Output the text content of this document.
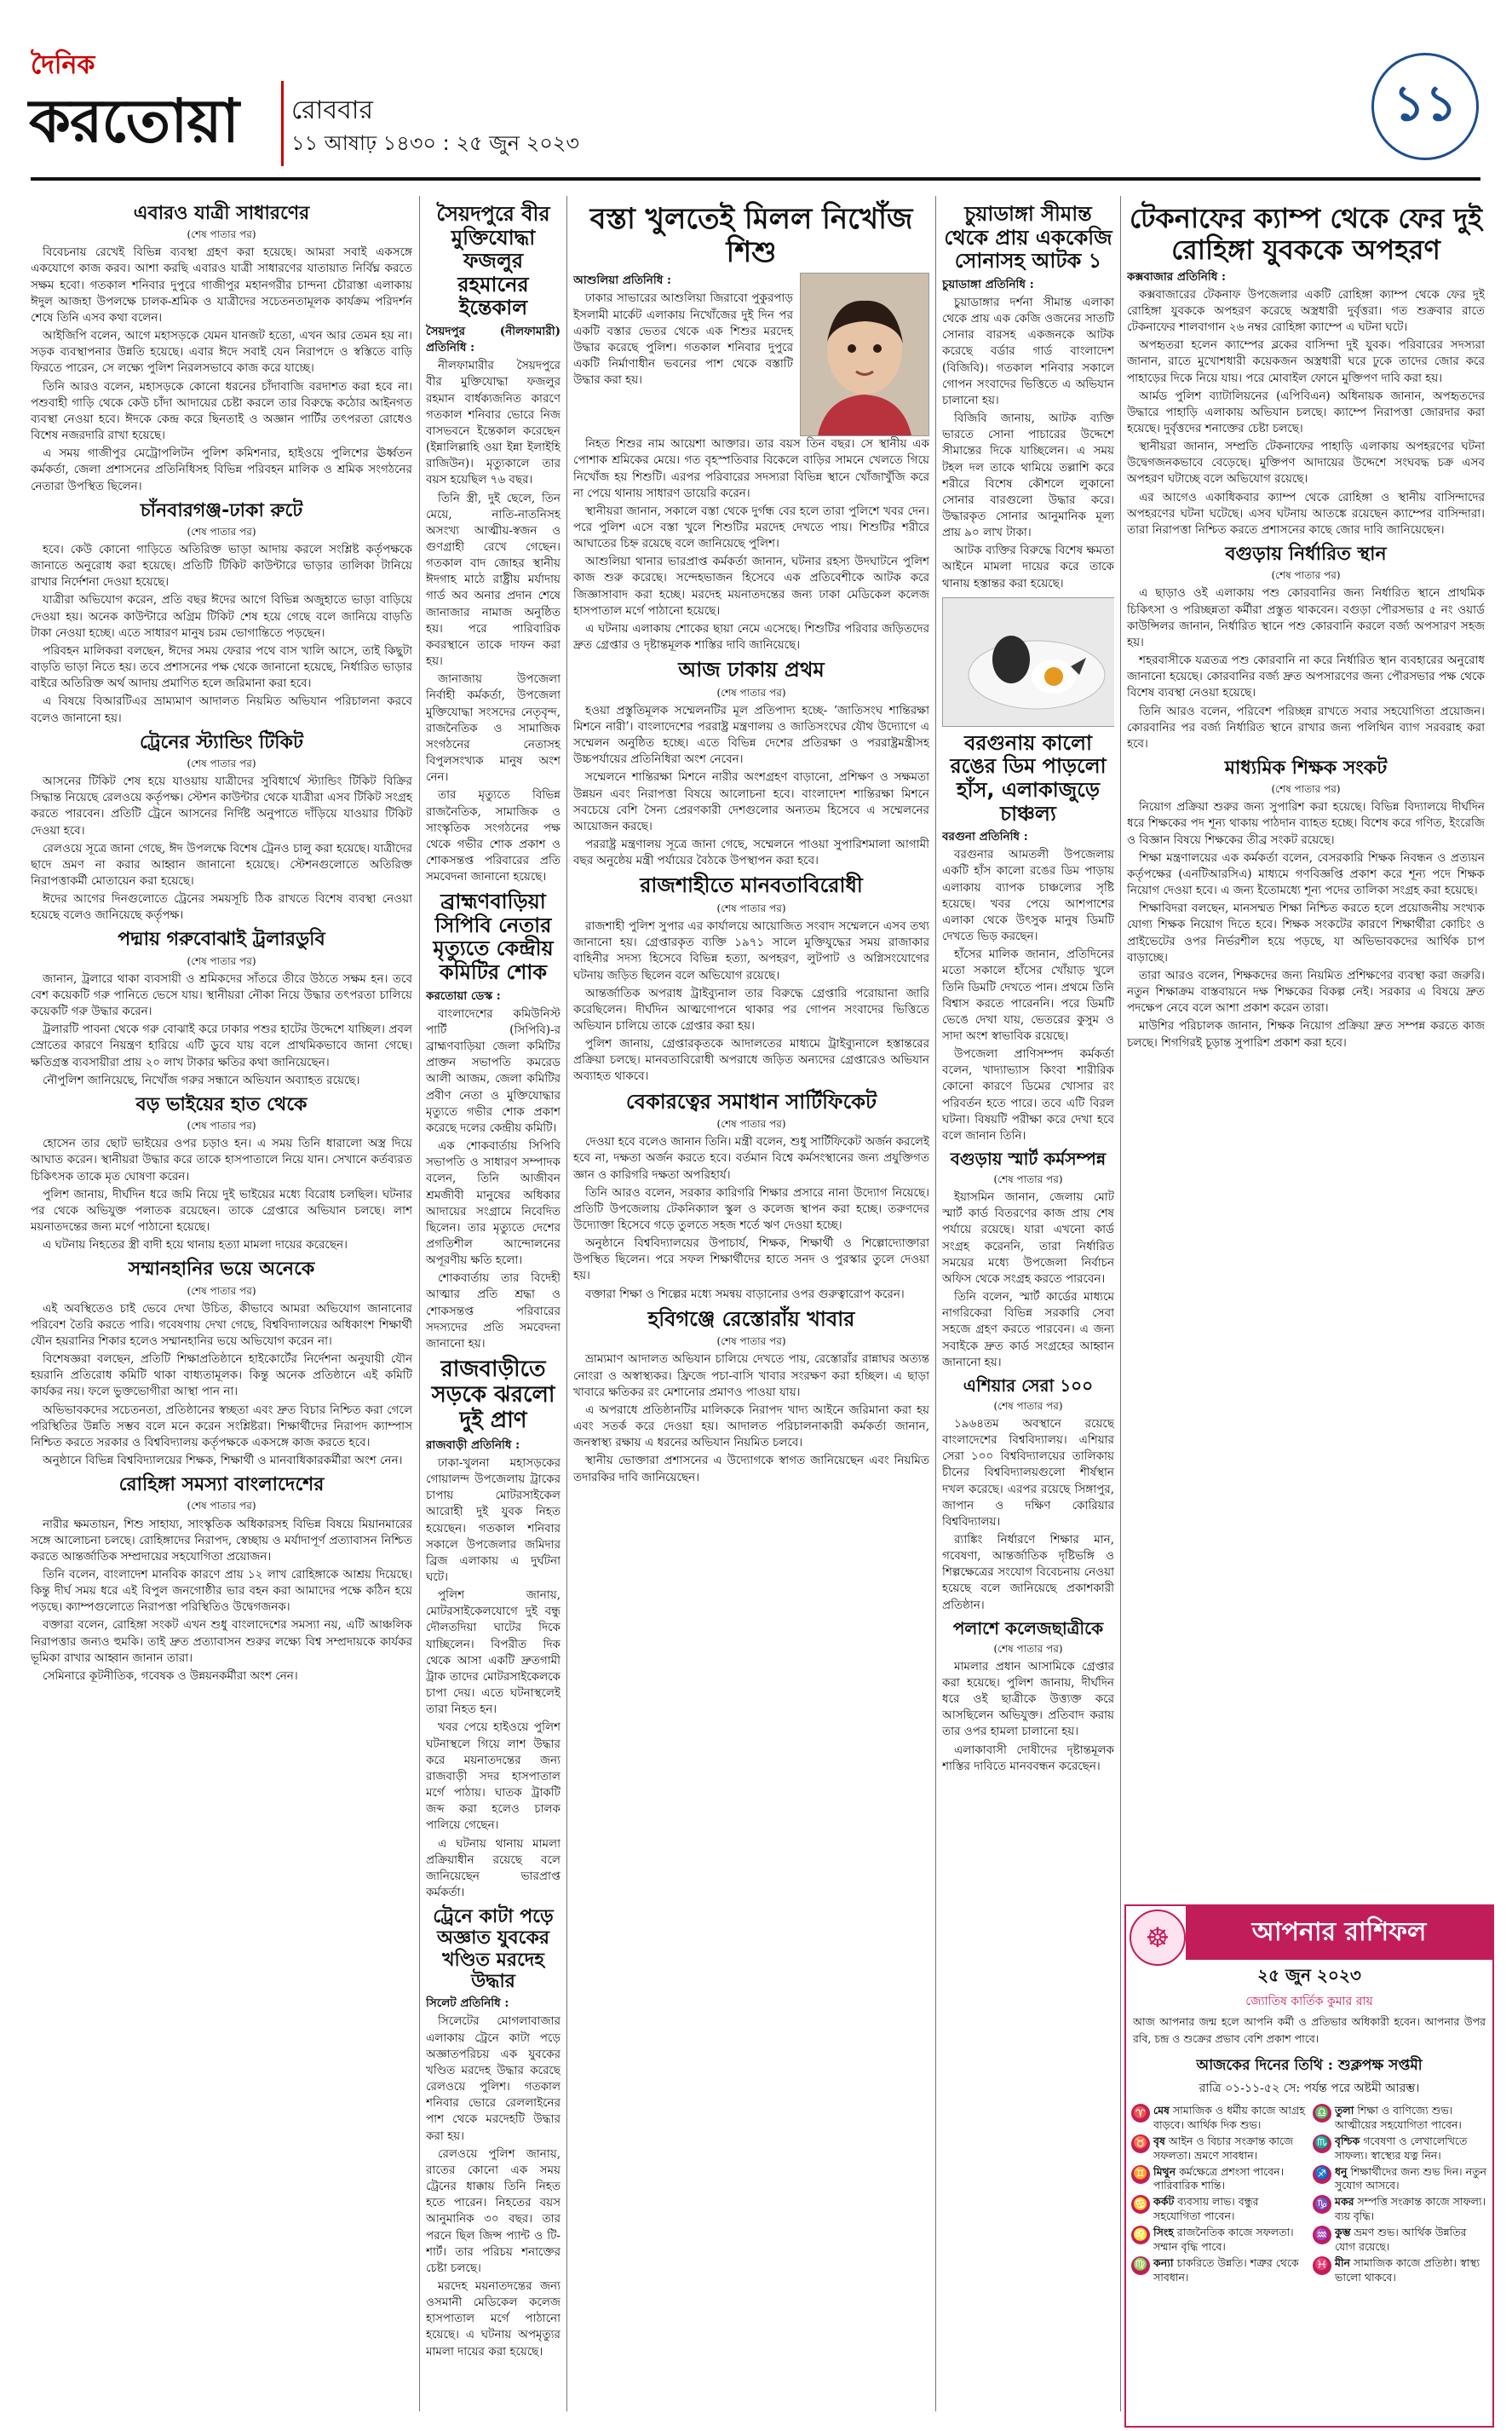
দৈনিক
করতোয়া রোববার
১১ আষাঢ় ১৪৩০ : ২৫ জুন ২০২৩
১১
এবারও যাত্রী সাধারণের
(শেষ পাতার পর)

বিবেচনায় রেখেই বিভিন্ন ব্যবস্থা গ্রহণ করা হয়েছে। আমরা সবাই একসঙ্গে একযোগে কাজ করব। আশা করছি এবারও যাত্রী সাধারণের যাতায়াত নির্বিঘ্ন করতে সক্ষম হবো। গতকাল শনিবার দুপুরে গাজীপুর মহানগরীর চান্দনা চৌরাস্তা এলাকায় ঈদুল আজহা উপলক্ষে চালক-শ্রমিক ও যাত্রীদের সচেতনতামূলক কার্যক্রম পরিদর্শন শেষে তিনি এসব কথা বলেন।

আইজিপি বলেন, আগে মহাসড়কে যেমন যানজট হতো, এখন আর তেমন হয় না। সড়ক ব্যবস্থাপনার উন্নতি হয়েছে। এবার ঈদে সবাই যেন নিরাপদে ও স্বস্তিতে বাড়ি ফিরতে পারেন, সে লক্ষ্যে পুলিশ নিরলসভাবে কাজ করে যাচ্ছে।

তিনি আরও বলেন, মহাসড়কে কোনো ধরনের চাঁদাবাজি বরদাশত করা হবে না। পশুবাহী গাড়ি থেকে কেউ চাঁদা আদায়ের চেষ্টা করলে তার বিরুদ্ধে কঠোর আইনগত ব্যবস্থা নেওয়া হবে। ঈদকে কেন্দ্র করে ছিনতাই ও অজ্ঞান পার্টির তৎপরতা রোধেও বিশেষ নজরদারি রাখা হয়েছে।

এ সময় গাজীপুর মেট্রোপলিটন পুলিশ কমিশনার, হাইওয়ে পুলিশের ঊর্ধ্বতন কর্মকর্তা, জেলা প্রশাসনের প্রতিনিধিসহ বিভিন্ন পরিবহন মালিক ও শ্রমিক সংগঠনের নেতারা উপস্থিত ছিলেন।

চাঁনবারগঞ্জ-ঢাকা রুটে
(শেষ পাতার পর)

হবে। কেউ কোনো গাড়িতে অতিরিক্ত ভাড়া আদায় করলে সংশ্লিষ্ট কর্তৃপক্ষকে জানাতে অনুরোধ করা হয়েছে। প্রতিটি টিকিট কাউন্টারে ভাড়ার তালিকা টানিয়ে রাখার নির্দেশনা দেওয়া হয়েছে।

যাত্রীরা অভিযোগ করেন, প্রতি বছর ঈদের আগে বিভিন্ন অজুহাতে ভাড়া বাড়িয়ে দেওয়া হয়। অনেক কাউন্টারে অগ্রিম টিকিট শেষ হয়ে গেছে বলে জানিয়ে বাড়তি টাকা নেওয়া হচ্ছে। এতে সাধারণ মানুষ চরম ভোগান্তিতে পড়ছেন।

পরিবহন মালিকরা বলছেন, ঈদের সময় ফেরার পথে বাস খালি আসে, তাই কিছুটা বাড়তি ভাড়া নিতে হয়। তবে প্রশাসনের পক্ষ থেকে জানানো হয়েছে, নির্ধারিত ভাড়ার বাইরে অতিরিক্ত অর্থ আদায় প্রমাণিত হলে জরিমানা করা হবে।

এ বিষয়ে বিআরটিএর ভ্রাম্যমাণ আদালত নিয়মিত অভিযান পরিচালনা করবে বলেও জানানো হয়।

ট্রেনের স্ট্যান্ডিং টিকিট
(শেষ পাতার পর)

আসনের টিকিট শেষ হয়ে যাওয়ায় যাত্রীদের সুবিধার্থে স্ট্যান্ডিং টিকিট বিক্রির সিদ্ধান্ত নিয়েছে রেলওয়ে কর্তৃপক্ষ। স্টেশন কাউন্টার থেকে যাত্রীরা এসব টিকিট সংগ্রহ করতে পারবেন। প্রতিটি ট্রেনে আসনের নির্দিষ্ট অনুপাতে দাঁড়িয়ে যাওয়ার টিকিট দেওয়া হবে।

রেলওয়ে সূত্রে জানা গেছে, ঈদ উপলক্ষে বিশেষ ট্রেনও চালু করা হয়েছে। যাত্রীদের ছাদে ভ্রমণ না করার আহ্বান জানানো হয়েছে। স্টেশনগুলোতে অতিরিক্ত নিরাপত্তাকর্মী মোতায়েন করা হয়েছে।

ঈদের আগের দিনগুলোতে ট্রেনের সময়সূচি ঠিক রাখতে বিশেষ ব্যবস্থা নেওয়া হয়েছে বলেও জানিয়েছে কর্তৃপক্ষ।

পদ্মায় গরুবোঝাই ট্রলারডুবি
(শেষ পাতার পর)

জানান, ট্রলারে থাকা ব্যবসায়ী ও শ্রমিকদের সাঁতরে তীরে উঠতে সক্ষম হন। তবে বেশ কয়েকটি গরু পানিতে ভেসে যায়। স্থানীয়রা নৌকা নিয়ে উদ্ধার তৎপরতা চালিয়ে কয়েকটি গরু উদ্ধার করেন।

ট্রলারটি পাবনা থেকে গরু বোঝাই করে ঢাকার পশুর হাটের উদ্দেশে যাচ্ছিল। প্রবল স্রোতের কারণে নিয়ন্ত্রণ হারিয়ে এটি ডুবে যায় বলে প্রাথমিকভাবে জানা গেছে। ক্ষতিগ্রস্ত ব্যবসায়ীরা প্রায় ২০ লাখ টাকার ক্ষতির কথা জানিয়েছেন।

নৌপুলিশ জানিয়েছে, নিখোঁজ গরুর সন্ধানে অভিযান অব্যাহত রয়েছে।

বড় ভাইয়ের হাত থেকে
(শেষ পাতার পর)

হোসেন তার ছোট ভাইয়ের ওপর চড়াও হন। এ সময় তিনি ধারালো অস্ত্র দিয়ে আঘাত করেন। স্থানীয়রা উদ্ধার করে তাকে হাসপাতালে নিয়ে যান। সেখানে কর্তব্যরত চিকিৎসক তাকে মৃত ঘোষণা করেন।

পুলিশ জানায়, দীর্ঘদিন ধরে জমি নিয়ে দুই ভাইয়ের মধ্যে বিরোধ চলছিল। ঘটনার পর থেকে অভিযুক্ত পলাতক রয়েছেন। তাকে গ্রেপ্তারে অভিযান চলছে। লাশ ময়নাতদন্তের জন্য মর্গে পাঠানো হয়েছে।

এ ঘটনায় নিহতের স্ত্রী বাদী হয়ে থানায় হত্যা মামলা দায়ের করেছেন।

সম্মানহানির ভয়ে অনেকে
(শেষ পাতার পর)

এই অবস্থিতেও চাই ভেবে দেখা উচিত, কীভাবে আমরা অভিযোগ জানানোর পরিবেশ তৈরি করতে পারি। গবেষণায় দেখা গেছে, বিশ্ববিদ্যালয়ের অধিকাংশ শিক্ষার্থী যৌন হয়রানির শিকার হলেও সম্মানহানির ভয়ে অভিযোগ করেন না।

বিশেষজ্ঞরা বলছেন, প্রতিটি শিক্ষাপ্রতিষ্ঠানে হাইকোর্টের নির্দেশনা অনুযায়ী যৌন হয়রানি প্রতিরোধ কমিটি থাকা বাধ্যতামূলক। কিন্তু অনেক প্রতিষ্ঠানে এই কমিটি কার্যকর নয়। ফলে ভুক্তভোগীরা আস্থা পান না।

অভিভাবকদের সচেতনতা, প্রতিষ্ঠানের স্বচ্ছতা এবং দ্রুত বিচার নিশ্চিত করা গেলে পরিস্থিতির উন্নতি সম্ভব বলে মনে করেন সংশ্লিষ্টরা। শিক্ষার্থীদের নিরাপদ ক্যাম্পাস নিশ্চিত করতে সরকার ও বিশ্ববিদ্যালয় কর্তৃপক্ষকে একসঙ্গে কাজ করতে হবে।

অনুষ্ঠানে বিভিন্ন বিশ্ববিদ্যালয়ের শিক্ষক, শিক্ষার্থী ও মানবাধিকারকর্মীরা অংশ নেন।

রোহিঙ্গা সমস্যা বাংলাদেশের
(শেষ পাতার পর)

নারীর ক্ষমতায়ন, শিশু সাহায্য, সাংস্কৃতিক অধিকারসহ বিভিন্ন বিষয়ে মিয়ানমারের সঙ্গে আলোচনা চলছে। রোহিঙ্গাদের নিরাপদ, স্বেচ্ছায় ও মর্যাদাপূর্ণ প্রত্যাবাসন নিশ্চিত করতে আন্তর্জাতিক সম্প্রদায়ের সহযোগিতা প্রয়োজন।

তিনি বলেন, বাংলাদেশ মানবিক কারণে প্রায় ১২ লাখ রোহিঙ্গাকে আশ্রয় দিয়েছে। কিন্তু দীর্ঘ সময় ধরে এই বিপুল জনগোষ্ঠীর ভার বহন করা আমাদের পক্ষে কঠিন হয়ে পড়ছে। ক্যাম্পগুলোতে নিরাপত্তা পরিস্থিতিও উদ্বেগজনক।

বক্তারা বলেন, রোহিঙ্গা সংকট এখন শুধু বাংলাদেশের সমস্যা নয়, এটি আঞ্চলিক নিরাপত্তার জন্যও হুমকি। তাই দ্রুত প্রত্যাবাসন শুরুর লক্ষ্যে বিশ্ব সম্প্রদায়কে কার্যকর ভূমিকা রাখার আহ্বান জানান তারা।

সেমিনারে কূটনীতিক, গবেষক ও উন্নয়নকর্মীরা অংশ নেন।

সৈয়দপুরে বীর মুক্তিযোদ্ধা ফজলুর রহমানের ইন্তেকাল

সৈয়দপুর (নীলফামারী) প্রতিনিধি :

নীলফামারীর সৈয়দপুরে বীর মুক্তিযোদ্ধা ফজলুর রহমান বার্ধক্যজনিত কারণে গতকাল শনিবার ভোরে নিজ বাসভবনে ইন্তেকাল করেছেন (ইন্নালিল্লাহি ওয়া ইন্না ইলাইহি রাজিউন)। মৃত্যুকালে তার বয়স হয়েছিল ৭৬ বছর।

তিনি স্ত্রী, দুই ছেলে, তিন মেয়ে, নাতি-নাতনিসহ অসংখ্য আত্মীয়-স্বজন ও গুণগ্রাহী রেখে গেছেন। গতকাল বাদ জোহর স্থানীয় ঈদগাহ মাঠে রাষ্ট্রীয় মর্যাদায় গার্ড অব অনার প্রদান শেষে জানাজার নামাজ অনুষ্ঠিত হয়। পরে পারিবারিক কবরস্থানে তাকে দাফন করা হয়।

জানাজায় উপজেলা নির্বাহী কর্মকর্তা, উপজেলা মুক্তিযোদ্ধা সংসদের নেতৃবৃন্দ, রাজনৈতিক ও সামাজিক সংগঠনের নেতাসহ বিপুলসংখ্যক মানুষ অংশ নেন।

তার মৃত্যুতে বিভিন্ন রাজনৈতিক, সামাজিক ও সাংস্কৃতিক সংগঠনের পক্ষ থেকে গভীর শোক প্রকাশ ও শোকসন্তপ্ত পরিবারের প্রতি সমবেদনা জানানো হয়েছে।

ব্রাহ্মণবাড়িয়া সিপিবি নেতার মৃত্যুতে কেন্দ্রীয় কমিটির শোক

করতোয়া ডেস্ক :

বাংলাদেশের কমিউনিস্ট পার্টি (সিপিবি)-র ব্রাহ্মণবাড়িয়া জেলা কমিটির প্রাক্তন সভাপতি কমরেড আলী আজম, জেলা কমিটির প্রবীণ নেতা ও মুক্তিযোদ্ধার মৃত্যুতে গভীর শোক প্রকাশ করেছে দলের কেন্দ্রীয় কমিটি।

এক শোকবার্তায় সিপিবি সভাপতি ও সাধারণ সম্পাদক বলেন, তিনি আজীবন শ্রমজীবী মানুষের অধিকার আদায়ের সংগ্রামে নিবেদিত ছিলেন। তার মৃত্যুতে দেশের প্রগতিশীল আন্দোলনের অপূরণীয় ক্ষতি হলো।

শোকবার্তায় তার বিদেহী আত্মার প্রতি শ্রদ্ধা ও শোকসন্তপ্ত পরিবারের সদস্যদের প্রতি সমবেদনা জানানো হয়।

রাজবাড়ীতে সড়কে ঝরলো দুই প্রাণ

রাজবাড়ী প্রতিনিধি :

ঢাকা-খুলনা মহাসড়কের গোয়ালন্দ উপজেলায় ট্রাকের চাপায় মোটরসাইকেল আরোহী দুই যুবক নিহত হয়েছেন। গতকাল শনিবার সকালে উপজেলার জমিদার ব্রিজ এলাকায় এ দুর্ঘটনা ঘটে।

পুলিশ জানায়, মোটরসাইকেলযোগে দুই বন্ধু দৌলতদিয়া ঘাটের দিকে যাচ্ছিলেন। বিপরীত দিক থেকে আসা একটি দ্রুতগামী ট্রাক তাদের মোটরসাইকেলকে চাপা দেয়। এতে ঘটনাস্থলেই তারা নিহত হন।

খবর পেয়ে হাইওয়ে পুলিশ ঘটনাস্থলে গিয়ে লাশ উদ্ধার করে ময়নাতদন্তের জন্য রাজবাড়ী সদর হাসপাতাল মর্গে পাঠায়। ঘাতক ট্রাকটি জব্দ করা হলেও চালক পালিয়ে গেছেন।

এ ঘটনায় থানায় মামলা প্রক্রিয়াধীন রয়েছে বলে জানিয়েছেন ভারপ্রাপ্ত কর্মকর্তা।

ট্রেনে কাটা পড়ে অজ্ঞাত যুবকের খণ্ডিত মরদেহ উদ্ধার

সিলেট প্রতিনিধি :

সিলেটের মোগলাবাজার এলাকায় ট্রেনে কাটা পড়ে অজ্ঞাতপরিচয় এক যুবকের খণ্ডিত মরদেহ উদ্ধার করেছে রেলওয়ে পুলিশ। গতকাল শনিবার ভোরে রেললাইনের পাশ থেকে মরদেহটি উদ্ধার করা হয়।

রেলওয়ে পুলিশ জানায়, রাতের কোনো এক সময় ট্রেনের ধাক্কায় তিনি নিহত হতে পারেন। নিহতের বয়স আনুমানিক ৩০ বছর। তার পরনে ছিল জিন্স প্যান্ট ও টি-শার্ট। তার পরিচয় শনাক্তের চেষ্টা চলছে।

মরদেহ ময়নাতদন্তের জন্য ওসমানী মেডিকেল কলেজ হাসপাতাল মর্গে পাঠানো হয়েছে। এ ঘটনায় অপমৃত্যুর মামলা দায়ের করা হয়েছে।

বস্তা খুলতেই মিলল নিখোঁজ শিশু

আশুলিয়া প্রতিনিধি :

ঢাকার সাভারের আশুলিয়া জিরাবো পুকুরপাড় ইসলামী মার্কেট এলাকায় নিখোঁজের দুই দিন পর একটি বস্তার ভেতর থেকে এক শিশুর মরদেহ উদ্ধার করেছে পুলিশ। গতকাল শনিবার দুপুরে একটি নির্মাণাধীন ভবনের পাশ থেকে বস্তাটি উদ্ধার করা হয়।

নিহত শিশুর নাম আয়েশা আক্তার। তার বয়স তিন বছর। সে স্থানীয় এক পোশাক শ্রমিকের মেয়ে। গত বৃহস্পতিবার বিকেলে বাড়ির সামনে খেলতে গিয়ে নিখোঁজ হয় শিশুটি। এরপর পরিবারের সদস্যরা বিভিন্ন স্থানে খোঁজাখুঁজি করে না পেয়ে থানায় সাধারণ ডায়েরি করেন।

স্থানীয়রা জানান, সকালে বস্তা থেকে দুর্গন্ধ বের হলে তারা পুলিশে খবর দেন। পরে পুলিশ এসে বস্তা খুলে শিশুটির মরদেহ দেখতে পায়। শিশুটির শরীরে আঘাতের চিহ্ন রয়েছে বলে জানিয়েছে পুলিশ।

আশুলিয়া থানার ভারপ্রাপ্ত কর্মকর্তা জানান, ঘটনার রহস্য উদঘাটনে পুলিশ কাজ শুরু করেছে। সন্দেহভাজন হিসেবে এক প্রতিবেশীকে আটক করে জিজ্ঞাসাবাদ করা হচ্ছে। মরদেহ ময়নাতদন্তের জন্য ঢাকা মেডিকেল কলেজ হাসপাতাল মর্গে পাঠানো হয়েছে।

এ ঘটনায় এলাকায় শোকের ছায়া নেমে এসেছে। শিশুটির পরিবার জড়িতদের দ্রুত গ্রেপ্তার ও দৃষ্টান্তমূলক শাস্তির দাবি জানিয়েছে।

আজ ঢাকায় প্রথম
(শেষ পাতার পর)

হওয়া প্রস্তুতিমূলক সম্মেলনটির মূল প্রতিপাদ্য হচ্ছে- ‘জাতিসংঘ শান্তিরক্ষা মিশনে নারী’। বাংলাদেশের পররাষ্ট্র মন্ত্রণালয় ও জাতিসংঘের যৌথ উদ্যোগে এ সম্মেলন অনুষ্ঠিত হচ্ছে। এতে বিভিন্ন দেশের প্রতিরক্ষা ও পররাষ্ট্রমন্ত্রীসহ উচ্চপর্যায়ের প্রতিনিধিরা অংশ নেবেন।

সম্মেলনে শান্তিরক্ষা মিশনে নারীর অংশগ্রহণ বাড়ানো, প্রশিক্ষণ ও সক্ষমতা উন্নয়ন এবং নিরাপত্তা বিষয়ে আলোচনা হবে। বাংলাদেশ শান্তিরক্ষা মিশনে সবচেয়ে বেশি সৈন্য প্রেরণকারী দেশগুলোর অন্যতম হিসেবে এ সম্মেলনের আয়োজন করছে।

পররাষ্ট্র মন্ত্রণালয় সূত্রে জানা গেছে, সম্মেলনে পাওয়া সুপারিশমালা আগামী বছর অনুষ্ঠেয় মন্ত্রী পর্যায়ের বৈঠকে উপস্থাপন করা হবে।

রাজশাহীতে মানবতাবিরোধী
(শেষ পাতার পর)

রাজশাহী পুলিশ সুপার এর কার্যালয়ে আয়োজিত সংবাদ সম্মেলনে এসব তথ্য জানানো হয়। গ্রেপ্তারকৃত ব্যক্তি ১৯৭১ সালে মুক্তিযুদ্ধের সময় রাজাকার বাহিনীর সদস্য হিসেবে বিভিন্ন হত্যা, অপহরণ, লুটপাট ও অগ্নিসংযোগের ঘটনায় জড়িত ছিলেন বলে অভিযোগ রয়েছে।

আন্তর্জাতিক অপরাধ ট্রাইব্যুনাল তার বিরুদ্ধে গ্রেপ্তারি পরোয়ানা জারি করেছিলেন। দীর্ঘদিন আত্মগোপনে থাকার পর গোপন সংবাদের ভিত্তিতে অভিযান চালিয়ে তাকে গ্রেপ্তার করা হয়।

পুলিশ জানায়, গ্রেপ্তারকৃতকে আদালতের মাধ্যমে ট্রাইব্যুনালে হস্তান্তরের প্রক্রিয়া চলছে। মানবতাবিরোধী অপরাধে জড়িত অন্যদের গ্রেপ্তারেও অভিযান অব্যাহত থাকবে।

বেকারত্বের সমাধান সার্টিফিকেট
(শেষ পাতার পর)

দেওয়া হবে বলেও জানান তিনি। মন্ত্রী বলেন, শুধু সার্টিফিকেট অর্জন করলেই হবে না, দক্ষতা অর্জন করতে হবে। বর্তমান বিশ্বে কর্মসংস্থানের জন্য প্রযুক্তিগত জ্ঞান ও কারিগরি দক্ষতা অপরিহার্য।

তিনি আরও বলেন, সরকার কারিগরি শিক্ষার প্রসারে নানা উদ্যোগ নিয়েছে। প্রতিটি উপজেলায় টেকনিক্যাল স্কুল ও কলেজ স্থাপন করা হচ্ছে। তরুণদের উদ্যোক্তা হিসেবে গড়ে তুলতে সহজ শর্তে ঋণ দেওয়া হচ্ছে।

অনুষ্ঠানে বিশ্ববিদ্যালয়ের উপাচার্য, শিক্ষক, শিক্ষার্থী ও শিল্পোদ্যোক্তারা উপস্থিত ছিলেন। পরে সফল শিক্ষার্থীদের হাতে সনদ ও পুরস্কার তুলে দেওয়া হয়।

বক্তারা শিক্ষা ও শিল্পের মধ্যে সমন্বয় বাড়ানোর ওপর গুরুত্বারোপ করেন।

হবিগঞ্জে রেস্তোরাঁয় খাবার
(শেষ পাতার পর)

ভ্রাম্যমাণ আদালত অভিযান চালিয়ে দেখতে পায়, রেস্তোরাঁর রান্নাঘর অত্যন্ত নোংরা ও অস্বাস্থ্যকর। ফ্রিজে পচা-বাসি খাবার সংরক্ষণ করা হচ্ছিল। এ ছাড়া খাবারে ক্ষতিকর রং মেশানোর প্রমাণও পাওয়া যায়।

এ অপরাধে প্রতিষ্ঠানটির মালিককে নিরাপদ খাদ্য আইনে জরিমানা করা হয় এবং সতর্ক করে দেওয়া হয়। আদালত পরিচালনাকারী কর্মকর্তা জানান, জনস্বাস্থ্য রক্ষায় এ ধরনের অভিযান নিয়মিত চলবে।

স্থানীয় ভোক্তারা প্রশাসনের এ উদ্যোগকে স্বাগত জানিয়েছেন এবং নিয়মিত তদারকির দাবি জানিয়েছেন।

চুয়াডাঙ্গা সীমান্ত থেকে প্রায় এককেজি সোনাসহ আটক ১

চুয়াডাঙ্গা প্রতিনিধি :

চুয়াডাঙ্গার দর্শনা সীমান্ত এলাকা থেকে প্রায় এক কেজি ওজনের সাতটি সোনার বারসহ একজনকে আটক করেছে বর্ডার গার্ড বাংলাদেশ (বিজিবি)। গতকাল শনিবার সকালে গোপন সংবাদের ভিত্তিতে এ অভিযান চালানো হয়।

বিজিবি জানায়, আটক ব্যক্তি ভারতে সোনা পাচারের উদ্দেশে সীমান্তের দিকে যাচ্ছিলেন। এ সময় টহল দল তাকে থামিয়ে তল্লাশি করে শরীরে বিশেষ কৌশলে লুকানো সোনার বারগুলো উদ্ধার করে। উদ্ধারকৃত সোনার আনুমানিক মূল্য প্রায় ৯০ লাখ টাকা।

আটক ব্যক্তির বিরুদ্ধে বিশেষ ক্ষমতা আইনে মামলা দায়ের করে তাকে থানায় হস্তান্তর করা হয়েছে।

বরগুনায় কালো রঙের ডিম পাড়লো হাঁস, এলাকাজুড়ে চাঞ্চল্য

বরগুনা প্রতিনিধি :

বরগুনার আমতলী উপজেলায় একটি হাঁস কালো রঙের ডিম পাড়ায় এলাকায় ব্যাপক চাঞ্চল্যের সৃষ্টি হয়েছে। খবর পেয়ে আশপাশের এলাকা থেকে উৎসুক মানুষ ডিমটি দেখতে ভিড় করছেন।

হাঁসের মালিক জানান, প্রতিদিনের মতো সকালে হাঁসের খোঁয়াড় খুলে তিনি ডিমটি দেখতে পান। প্রথমে তিনি বিশ্বাস করতে পারেননি। পরে ডিমটি ভেঙে দেখা যায়, ভেতরের কুসুম ও সাদা অংশ স্বাভাবিক রয়েছে।

উপজেলা প্রাণিসম্পদ কর্মকর্তা বলেন, খাদ্যাভ্যাস কিংবা শারীরিক কোনো কারণে ডিমের খোসার রং পরিবর্তন হতে পারে। তবে এটি বিরল ঘটনা। বিষয়টি পরীক্ষা করে দেখা হবে বলে জানান তিনি।

বগুড়ায় স্মার্ট কর্মসম্পন্ন
(শেষ পাতার পর)

ইয়াসমিন জানান, জেলায় মোট স্মার্ট কার্ড বিতরণের কাজ প্রায় শেষ পর্যায়ে রয়েছে। যারা এখনো কার্ড সংগ্রহ করেননি, তারা নির্ধারিত সময়ের মধ্যে উপজেলা নির্বাচন অফিস থেকে সংগ্রহ করতে পারবেন।

তিনি বলেন, স্মার্ট কার্ডের মাধ্যমে নাগরিকেরা বিভিন্ন সরকারি সেবা সহজে গ্রহণ করতে পারবেন। এ জন্য সবাইকে দ্রুত কার্ড সংগ্রহের আহ্বান জানানো হয়।

এশিয়ার সেরা ১০০
(শেষ পাতার পর)

১৯৬৪তম অবস্থানে রয়েছে বাংলাদেশের বিশ্ববিদ্যালয়। এশিয়ার সেরা ১০০ বিশ্ববিদ্যালয়ের তালিকায় চীনের বিশ্ববিদ্যালয়গুলো শীর্ষস্থান দখল করেছে। এরপর রয়েছে সিঙ্গাপুর, জাপান ও দক্ষিণ কোরিয়ার বিশ্ববিদ্যালয়।

র‍্যাঙ্কিং নির্ধারণে শিক্ষার মান, গবেষণা, আন্তর্জাতিক দৃষ্টিভঙ্গি ও শিল্পক্ষেত্রের সংযোগ বিবেচনায় নেওয়া হয়েছে বলে জানিয়েছে প্রকাশকারী প্রতিষ্ঠান।

পলাশে কলেজছাত্রীকে
(শেষ পাতার পর)

মামলার প্রধান আসামিকে গ্রেপ্তার করা হয়েছে। পুলিশ জানায়, দীর্ঘদিন ধরে ওই ছাত্রীকে উত্ত্যক্ত করে আসছিলেন অভিযুক্ত। প্রতিবাদ করায় তার ওপর হামলা চালানো হয়।

এলাকাবাসী দোষীদের দৃষ্টান্তমূলক শাস্তির দাবিতে মানববন্ধন করেছেন।

টেকনাফের ক্যাম্প থেকে ফের দুই রোহিঙ্গা যুবককে অপহরণ

কক্সবাজার প্রতিনিধি :

কক্সবাজারের টেকনাফ উপজেলার একটি রোহিঙ্গা ক্যাম্প থেকে ফের দুই রোহিঙ্গা যুবককে অপহরণ করেছে অস্ত্রধারী দুর্বৃত্তরা। গত শুক্রবার রাতে টেকনাফের শালবাগান ২৬ নম্বর রোহিঙ্গা ক্যাম্পে এ ঘটনা ঘটে।

অপহৃতরা হলেন ক্যাম্পের ব্লকের বাসিন্দা দুই যুবক। পরিবারের সদস্যরা জানান, রাতে মুখোশধারী কয়েকজন অস্ত্রধারী ঘরে ঢুকে তাদের জোর করে পাহাড়ের দিকে নিয়ে যায়। পরে মোবাইল ফোনে মুক্তিপণ দাবি করা হয়।

আর্মড পুলিশ ব্যাটালিয়নের (এপিবিএন) অধিনায়ক জানান, অপহৃতদের উদ্ধারে পাহাড়ি এলাকায় অভিযান চলছে। ক্যাম্পে নিরাপত্তা জোরদার করা হয়েছে। দুর্বৃত্তদের শনাক্তের চেষ্টা চলছে।

স্থানীয়রা জানান, সম্প্রতি টেকনাফের পাহাড়ি এলাকায় অপহরণের ঘটনা উদ্বেগজনকভাবে বেড়েছে। মুক্তিপণ আদায়ের উদ্দেশে সংঘবদ্ধ চক্র এসব অপহরণ ঘটাচ্ছে বলে অভিযোগ রয়েছে।

এর আগেও একাধিকবার ক্যাম্প থেকে রোহিঙ্গা ও স্থানীয় বাসিন্দাদের অপহরণের ঘটনা ঘটেছে। এসব ঘটনায় আতঙ্কে রয়েছেন ক্যাম্পের বাসিন্দারা। তারা নিরাপত্তা নিশ্চিত করতে প্রশাসনের কাছে জোর দাবি জানিয়েছেন।

বগুড়ায় নির্ধারিত স্থান
(শেষ পাতার পর)

এ ছাড়াও ওই এলাকায় পশু কোরবানির জন্য নির্ধারিত স্থানে প্রাথমিক চিকিৎসা ও পরিচ্ছন্নতা কর্মীরা প্রস্তুত থাকবেন। বগুড়া পৌরসভার ৫ নং ওয়ার্ড কাউন্সিলর জানান, নির্ধারিত স্থানে পশু কোরবানি করলে বর্জ্য অপসারণ সহজ হয়।

শহরবাসীকে যত্রতত্র পশু কোরবানি না করে নির্ধারিত স্থান ব্যবহারের অনুরোধ জানানো হয়েছে। কোরবানির বর্জ্য দ্রুত অপসারণের জন্য পৌরসভার পক্ষ থেকে বিশেষ ব্যবস্থা নেওয়া হয়েছে।

তিনি আরও বলেন, পরিবেশ পরিচ্ছন্ন রাখতে সবার সহযোগিতা প্রয়োজন। কোরবানির পর বর্জ্য নির্ধারিত স্থানে রাখার জন্য পলিথিন ব্যাগ সরবরাহ করা হবে।

মাধ্যমিক শিক্ষক সংকট
(শেষ পাতার পর)

নিয়োগ প্রক্রিয়া শুরুর জন্য সুপারিশ করা হয়েছে। বিভিন্ন বিদ্যালয়ে দীর্ঘদিন ধরে শিক্ষকের পদ শূন্য থাকায় পাঠদান ব্যাহত হচ্ছে। বিশেষ করে গণিত, ইংরেজি ও বিজ্ঞান বিষয়ে শিক্ষকের তীব্র সংকট রয়েছে।

শিক্ষা মন্ত্রণালয়ের এক কর্মকর্তা বলেন, বেসরকারি শিক্ষক নিবন্ধন ও প্রত্যয়ন কর্তৃপক্ষের (এনটিআরসিএ) মাধ্যমে গণবিজ্ঞপ্তি প্রকাশ করে শূন্য পদে শিক্ষক নিয়োগ দেওয়া হবে। এ জন্য ইতোমধ্যে শূন্য পদের তালিকা সংগ্রহ করা হয়েছে।

শিক্ষাবিদরা বলছেন, মানসম্মত শিক্ষা নিশ্চিত করতে হলে প্রয়োজনীয় সংখ্যক যোগ্য শিক্ষক নিয়োগ দিতে হবে। শিক্ষক সংকটের কারণে শিক্ষার্থীরা কোচিং ও প্রাইভেটের ওপর নির্ভরশীল হয়ে পড়ছে, যা অভিভাবকদের আর্থিক চাপ বাড়াচ্ছে।

তারা আরও বলেন, শিক্ষকদের জন্য নিয়মিত প্রশিক্ষণের ব্যবস্থা করা জরুরি। নতুন শিক্ষাক্রম বাস্তবায়নে দক্ষ শিক্ষকের বিকল্প নেই। সরকার এ বিষয়ে দ্রুত পদক্ষেপ নেবে বলে আশা প্রকাশ করেন তারা।

মাউশির পরিচালক জানান, শিক্ষক নিয়োগ প্রক্রিয়া দ্রুত সম্পন্ন করতে কাজ চলছে। শিগগিরই চূড়ান্ত সুপারিশ প্রকাশ করা হবে।

☸	আপনার রাশিফল
২৫ জুন ২০২৩
জ্যোতিষ কার্তিক কুমার রায়
আজ আপনার জন্ম হলে আপনি কর্মী ও প্রতিভার অধিকারী হবেন। আপনার উপর রবি, চন্দ্র ও শুক্রের প্রভাব বেশি প্রকাশ পাবে।
আজকের দিনের তিথি : শুক্লপক্ষ সপ্তমী
রাত্রি ০১-১১-৫২ সে: পর্যন্ত পরে অষ্টমী আরম্ভ।
♈ মেষ সামাজিক ও ধর্মীয় কাজে আগ্রহ বাড়বে। আর্থিক দিক শুভ।
♎ তুলা শিক্ষা ও বাণিজ্যে শুভ। আত্মীয়ের সহযোগিতা পাবেন।
♉ বৃষ আইন ও বিচার সংক্রান্ত কাজে সফলতা। ভ্রমণে সাবধান।
♏ বৃশ্চিক গবেষণা ও লেখালেখিতে সাফল্য। স্বাস্থ্যের যত্ন নিন।
♊ মিথুন কর্মক্ষেত্রে প্রশংসা পাবেন। পারিবারিক শান্তি।
♐ ধনু শিক্ষার্থীদের জন্য শুভ দিন। নতুন সুযোগ আসবে।
♋ কর্কট ব্যবসায় লাভ। বন্ধুর সহযোগিতা পাবেন।
♑ মকর সম্পত্তি সংক্রান্ত কাজে সাফল্য। ব্যয় বৃদ্ধি।
♌ সিংহ রাজনৈতিক কাজে সফলতা। সম্মান বৃদ্ধি পাবে।
♒ কুম্ভ ভ্রমণ শুভ। আর্থিক উন্নতির যোগ রয়েছে।
♍ কন্যা চাকরিতে উন্নতি। শত্রুর থেকে সাবধান।
♓ মীন সামাজিক কাজে প্রতিষ্ঠা। স্বাস্থ্য ভালো থাকবে।
